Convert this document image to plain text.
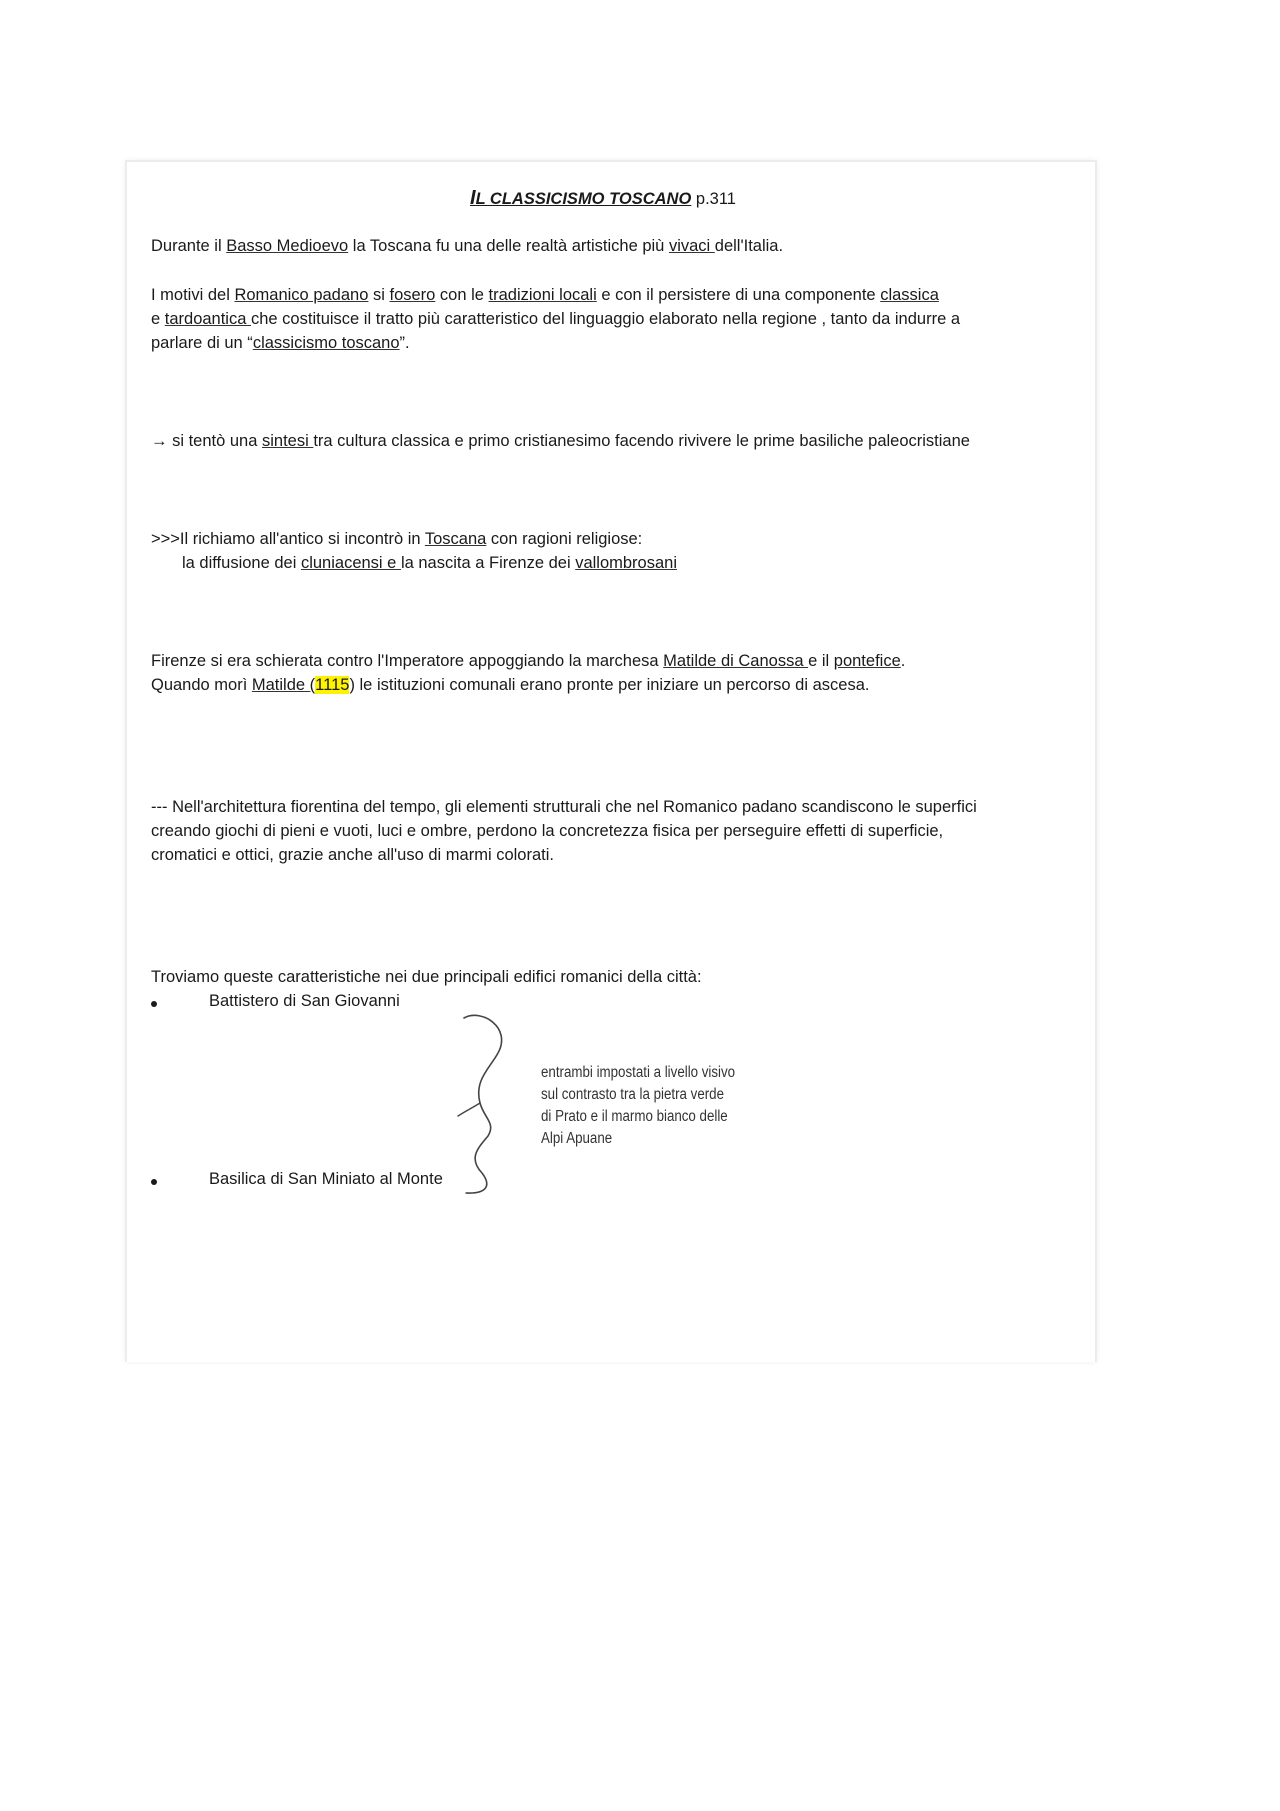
IL CLASSICISMO TOSCANO p.311
Durante il Basso Medioevo la Toscana fu una delle realtà artistiche più vivaci dell'Italia.
I motivi del Romanico padano si fosero con le tradizioni locali e con il persistere di una componente classica
e tardoantica che costituisce il tratto più caratteristico del linguaggio elaborato nella regione , tanto da indurre a
parlare di un “classicismo toscano”.
→ si tentò una sintesi tra cultura classica e primo cristianesimo facendo rivivere le prime basiliche paleocristiane
>>>Il richiamo all'antico si incontrò in Toscana con ragioni religiose:
la diffusione dei cluniacensi e la nascita a Firenze dei vallombrosani
Firenze si era schierata contro l'Imperatore appoggiando la marchesa Matilde di Canossa e il pontefice.
Quando morì Matilde (1115) le istituzioni comunali erano pronte per iniziare un percorso di ascesa.
--- Nell'architettura fiorentina del tempo, gli elementi strutturali che nel Romanico padano scandiscono le superfici
creando giochi di pieni e vuoti, luci e ombre, perdono la concretezza fisica per perseguire effetti di superficie,
cromatici e ottici, grazie anche all'uso di marmi colorati.
Troviamo queste caratteristiche nei due principali edifici romanici della città:
Battistero di San Giovanni
Basilica di San Miniato al Monte
entrambi impostati a livello visivo
sul contrasto tra la pietra verde
di Prato e il marmo bianco delle
Alpi Apuane
